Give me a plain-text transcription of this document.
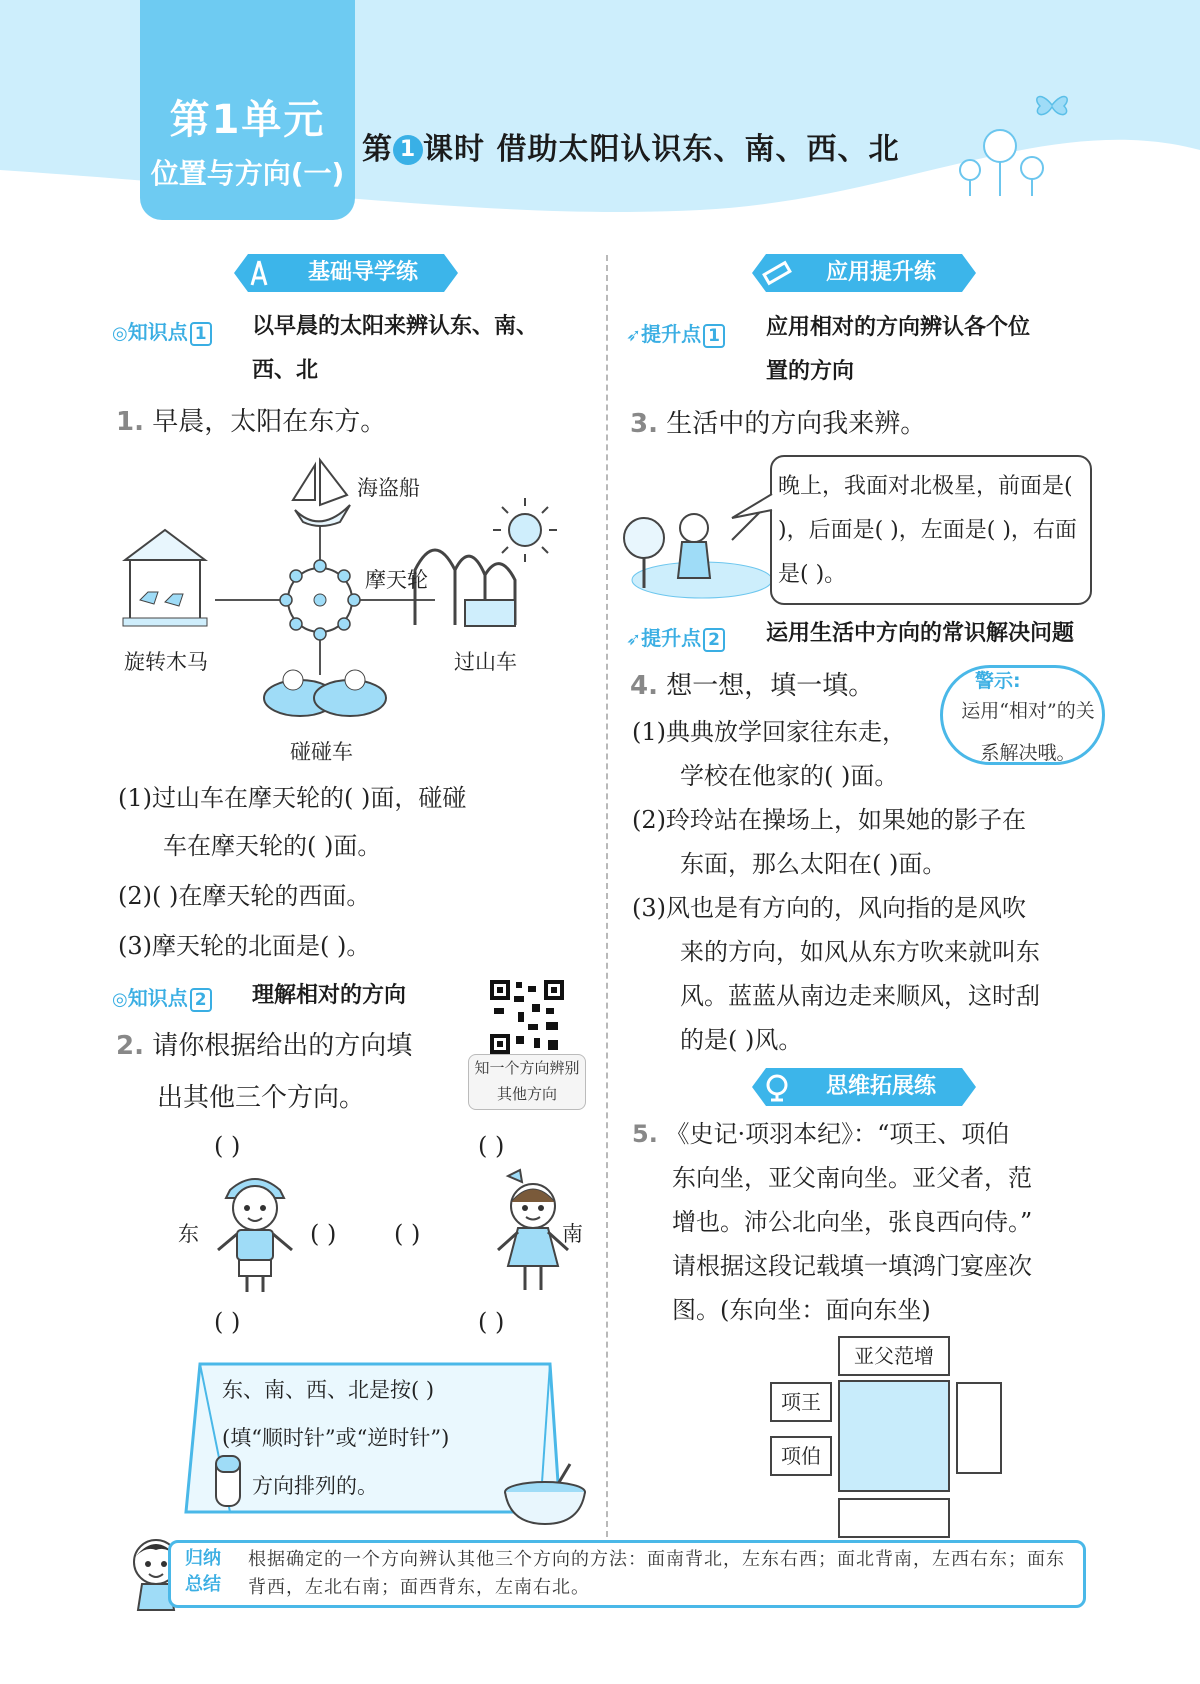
第1单元
位置与方向(一)
第 1 课时 借助太阳认识东、南、西、北
基础导学练
◎知识点 1 以早晨的太阳来辨认东、南、
西、北
1. 早晨，太阳在东方。
海盗船
摩天轮
旋转木马	过山车
碰碰车
(1)过山车在摩天轮的( )面，碰碰
车在摩天轮的( )面。
(2)( )在摩天轮的西面。
(3)摩天轮的北面是( )。
◎知识点 2 理解相对的方向
知一个方向辨别其他方向
2. 请你根据给出的方向填
出其他三个方向。
( )	( )
东	( ) ( )	南
( )	( )
东、南、西、北是按( )
(填“顺时针”或“逆时针”)
方向排列的。
应用提升练
➶提升点 1 应用相对的方向辨认各个位
置的方向
3. 生活中的方向我来辨。
晚上，我面对北极星，前面是( )，后面是( )，左面是( )，右面是( )。
➶提升点 2 运用生活中方向的常识解决问题
4. 想一想，填一填。	警示:
运用“相对”的关系解决哦。
(1)典典放学回家往东走，
学校在他家的( )面。
(2)玲玲站在操场上，如果她的影子在
东面，那么太阳在( )面。
(3)风也是有方向的，风向指的是风吹
来的方向，如风从东方吹来就叫东
风。蓝蓝从南边走来顺风，这时刮
的是( )风。
思维拓展练
5. 《史记·项羽本纪》：“项王、项伯
东向坐，亚父南向坐。亚父者，范
增也。沛公北向坐，张良西向侍。”
请根据这段记载填一填鸿门宴座次
图。(东向坐：面向东坐)
亚父范增
项王
项伯
归纳总结
根据确定的一个方向辨认其他三个方向的方法：面南背北，左东右西；面北背南，左西右东；面东背西，左北右南；面西背东，左南右北。
